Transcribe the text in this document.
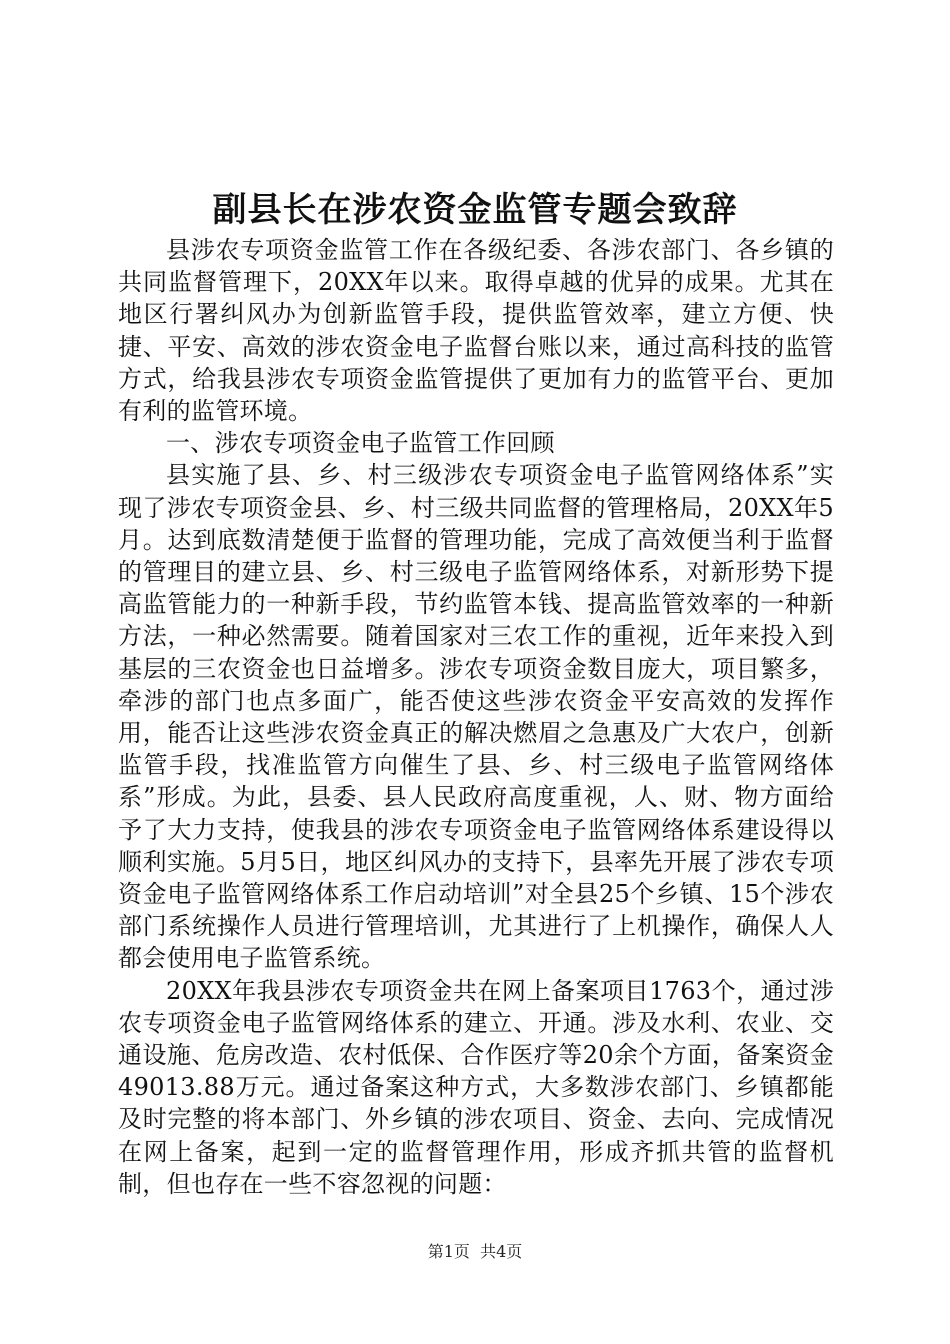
副县长在涉农资金监管专题会致辞

县涉农专项资金监管工作在各级纪委、各涉农部门、各乡镇的共同监督管理下，20XX年以来。取得卓越的优异的成果。尤其在地区行署纠风办为创新监管手段，提供监管效率，建立方便、快捷、平安、高效的涉农资金电子监督台账以来，通过高科技的监管方式，给我县涉农专项资金监管提供了更加有力的监管平台、更加有利的监管环境。

一、涉农专项资金电子监管工作回顾

县实施了县、乡、村三级涉农专项资金电子监管网络体系”实现了涉农专项资金县、乡、村三级共同监督的管理格局，20XX年5月。达到底数清楚便于监督的管理功能，完成了高效便当利于监督的管理目的建立县、乡、村三级电子监管网络体系，对新形势下提高监管能力的一种新手段，节约监管本钱、提高监管效率的一种新方法，一种必然需要。随着国家对三农工作的重视，近年来投入到基层的三农资金也日益增多。涉农专项资金数目庞大，项目繁多，牵涉的部门也点多面广，能否使这些涉农资金平安高效的发挥作用，能否让这些涉农资金真正的解决燃眉之急惠及广大农户，创新监管手段，找准监管方向催生了县、乡、村三级电子监管网络体系”形成。为此，县委、县人民政府高度重视，人、财、物方面给予了大力支持，使我县的涉农专项资金电子监管网络体系建设得以顺利实施。5月5日，地区纠风办的支持下，县率先开展了涉农专项资金电子监管网络体系工作启动培训”对全县25个乡镇、15个涉农部门系统操作人员进行管理培训，尤其进行了上机操作，确保人人都会使用电子监管系统。

20XX年我县涉农专项资金共在网上备案项目1763个，通过涉农专项资金电子监管网络体系的建立、开通。涉及水利、农业、交通设施、危房改造、农村低保、合作医疗等20余个方面，备案资金49013.88万元。通过备案这种方式，大多数涉农部门、乡镇都能及时完整的将本部门、外乡镇的涉农项目、资金、去向、完成情况在网上备案，起到一定的监督管理作用，形成齐抓共管的监督机制，但也存在一些不容忽视的问题：

第1页 共4页
